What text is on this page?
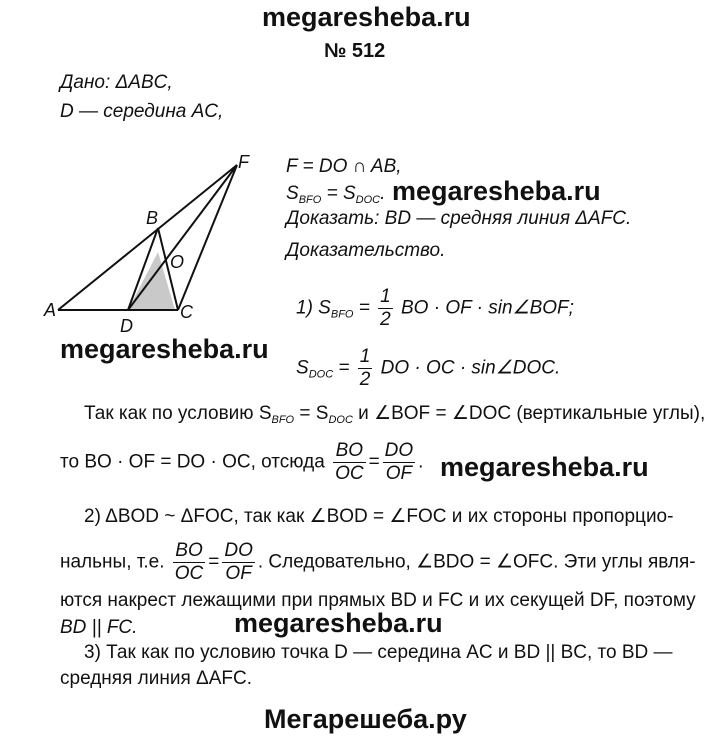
megaresheba.ru
№ 512
Дано: ΔABC,
D — середина AC,
A
B
C
D
F
O
F = DO ∩ AB,
$S_{BFO} = S_{DOC}$. megaresheba.ru
Доказать: BD — средняя линия ΔAFC.
Доказательство.
1) $S_{BFO} = \frac{1}{2}$ BO · OF · sin∠BOF;
megaresheba.ru
$S_{DOC} = \frac{1}{2}$ DO · OC · sin∠DOC.
Так как по условию $S_{BFO} = S_{DOC}$ и ∠BOF = ∠DOC (вертикальные углы),
то BO · OF = DO · OC, отсюда $\frac{BO}{OC} = \frac{DO}{OF}$ . megaresheba.ru
2) ΔBOD ~ ΔFOC, так как ∠BOD = ∠FOC и их стороны пропорцио-
нальны, т.е. $\frac{BO}{OC} = \frac{DO}{OF}$ . Следовательно, ∠BDO = ∠OFC. Эти углы явля-
ются накрест лежащими при прямых BD и FC и их секущей DF, поэтому
BD || FC.	megaresheba.ru
3) Так как по условию точка D — середина AC и BD || BC, то BD —
средняя линия ΔAFC.
Мегарешеба.ру
